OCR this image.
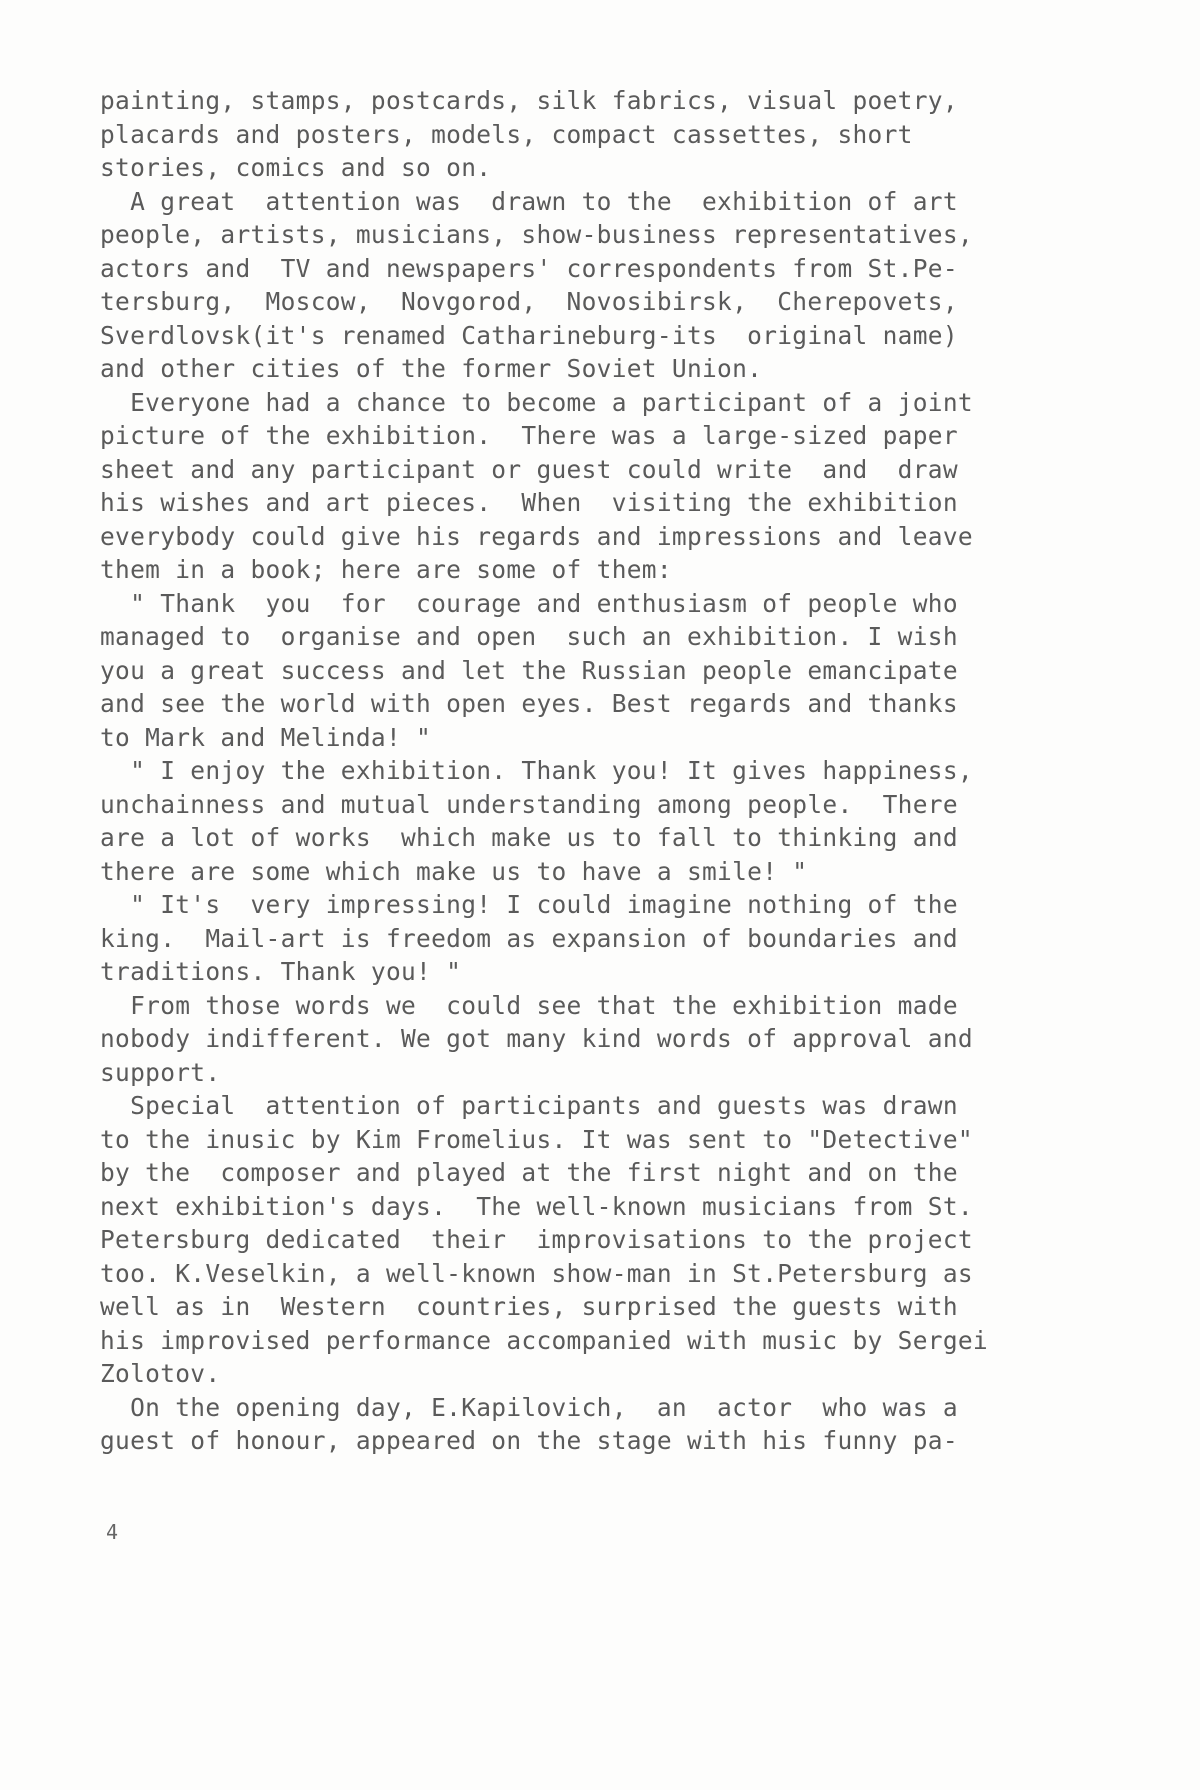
painting, stamps, postcards, silk fabrics, visual poetry,
placards and posters, models, compact cassettes, short
stories, comics and so on.
A great  attention was  drawn to the  exhibition of art
people, artists, musicians, show-business representatives,
actors and  TV and newspapers' correspondents from St.Pe-
tersburg,  Moscow,  Novgorod,  Novosibirsk,  Cherepovets,
Sverdlovsk(it's renamed Catharineburg-its  original name)
and other cities of the former Soviet Union.
Everyone had a chance to become a participant of a joint
picture of the exhibition.  There was a large-sized paper
sheet and any participant or guest could write  and  draw
his wishes and art pieces.  When  visiting the exhibition
everybody could give his regards and impressions and leave
them in a book; here are some of them:
" Thank  you  for  courage and enthusiasm of people who
managed to  organise and open  such an exhibition. I wish
you a great success and let the Russian people emancipate
and see the world with open eyes. Best regards and thanks
to Mark and Melinda! "
" I enjoy the exhibition. Thank you! It gives happiness,
unchainness and mutual understanding among people.  There
are a lot of works  which make us to fall to thinking and
there are some which make us to have a smile! "
" It's  very impressing! I could imagine nothing of the
king.  Mail-art is freedom as expansion of boundaries and
traditions. Thank you! "
From those words we  could see that the exhibition made
nobody indifferent. We got many kind words of approval and
support.
Special  attention of participants and guests was drawn
to the inusic by Kim Fromelius. It was sent to "Detective"
by the  composer and played at the first night and on the
next exhibition's days.  The well-known musicians from St.
Petersburg dedicated  their  improvisations to the project
too. K.Veselkin, a well-known show-man in St.Petersburg as
well as in  Western  countries, surprised the guests with
his improvised performance accompanied with music by Sergei
Zolotov.
On the opening day, E.Kapilovich,  an  actor  who was a
guest of honour, appeared on the stage with his funny pa-
4
